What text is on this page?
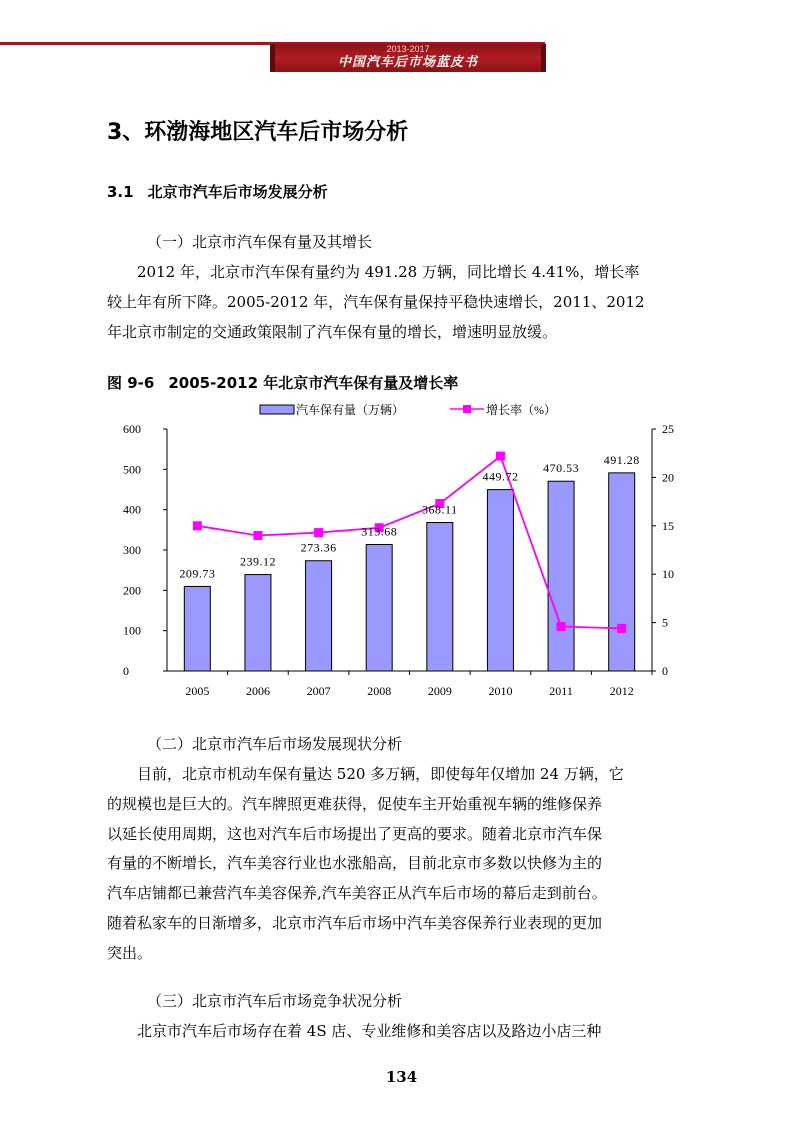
2013-2017
中国汽车后市场蓝皮书
3、环渤海地区汽车后市场分析
3.1 北京市汽车后市场发展分析
（一）北京市汽车保有量及其增长

2012 年，北京市汽车保有量约为 491.28 万辆，同比增长 4.41%，增长率

较上年有所下降。2005-2012 年，汽车保有量保持平稳快速增长，2011、2012
年北京市制定的交通政策限制了汽车保有量的增长，增速明显放缓。
图 9-6 2005-2012 年北京市汽车保有量及增长率
汽车保有量（万辆）	增长率（%）
0
100
200
300
400
500
600
0
5
10
15
20
25
2005	2006	2007	2008	2009	2010	2011	2012
209.73
239.12
273.36
313.68
368.11
449.72
470.53
491.28
（二）北京市汽车后市场发展现状分析

目前，北京市机动车保有量达 520 多万辆，即使每年仅增加 24 万辆，它

的规模也是巨大的。汽车牌照更难获得，促使车主开始重视车辆的维修保养
以延长使用周期，这也对汽车后市场提出了更高的要求。随着北京市汽车保
有量的不断增长，汽车美容行业也水涨船高，目前北京市多数以快修为主的
汽车店铺都已兼营汽车美容保养,汽车美容正从汽车后市场的幕后走到前台。
随着私家车的日渐增多，北京市汽车后市场中汽车美容保养行业表现的更加
突出。
（三）北京市汽车后市场竞争状况分析

北京市汽车后市场存在着 4S 店、专业维修和美容店以及路边小店三种

134
